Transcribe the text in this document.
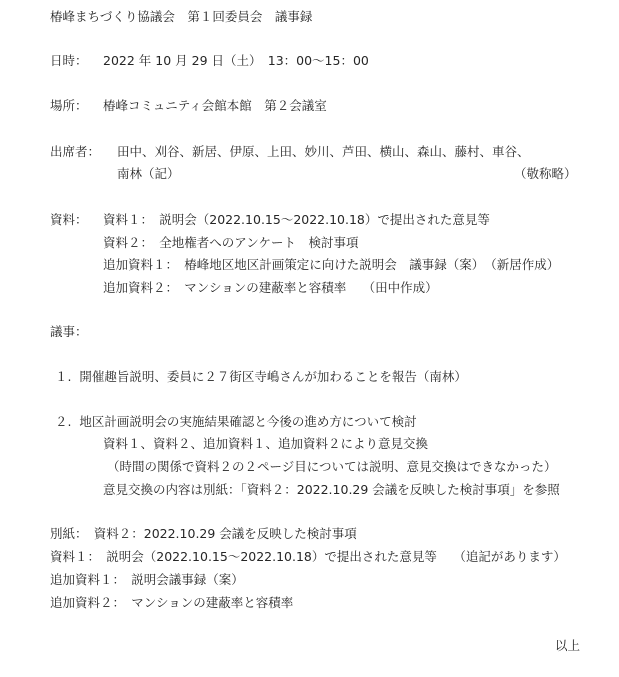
椿峰まちづくり協議会　第１回委員会　議事録
日時： 2022 年 10 月 29 日（土）　13：00〜15：00
場所： 椿峰コミュニティ会館本館　第２会議室
出席者： 田中、刈谷、新居、伊原、上田、妙川、芦田、横山、森山、藤村、車谷、
南林（記）	（敬称略）
資料： 資料１：　説明会（2022.10.15〜2022.10.18）で提出された意見等
資料２：　全地権者へのアンケート　検討事項
追加資料１：　椿峰地区地区計画策定に向けた説明会　議事録（案）　（新居作成）
追加資料２：　マンションの建蔽率と容積率　 （田中作成）
議事：
１.  開催趣旨説明、委員に２７街区寺嶋さんが加わることを報告（南林）
２.  地区計画説明会の実施結果確認と今後の進め方について検討
資料１、資料２、追加資料１、追加資料２により意見交換
（時間の関係で資料２の２ページ目については説明、意見交換はできなかった）
意見交換の内容は別紙：「資料２：2022.10.29 会議を反映した検討事項」を参照
別紙：　資料２：2022.10.29 会議を反映した検討事項
資料１：　説明会（2022.10.15〜2022.10.18）で提出された意見等　 （追記があります）
追加資料１：　説明会議事録（案）
追加資料２：　マンションの建蔽率と容積率
以上
